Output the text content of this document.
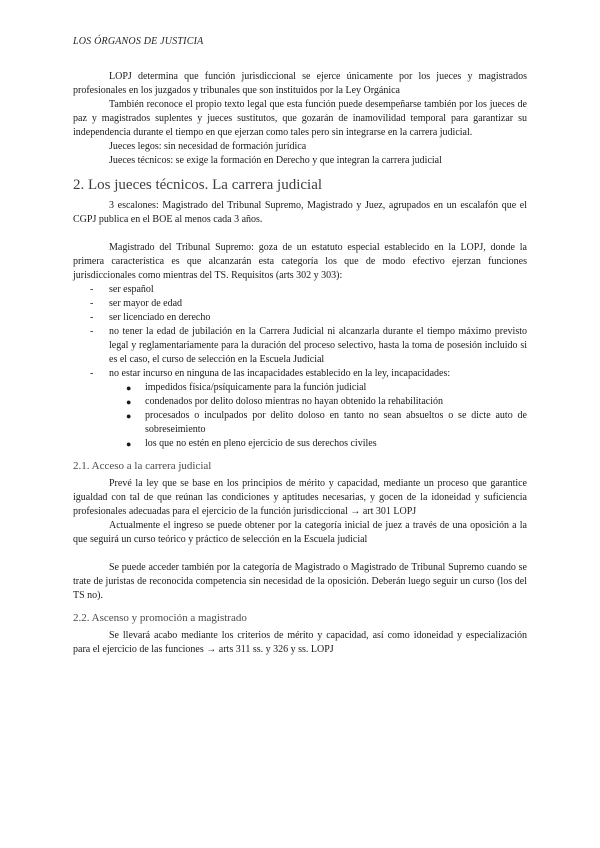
LOS ÓRGANOS DE JUSTICIA

LOPJ determina que función jurisdiccional se ejerce únicamente por los jueces y magistrados profesionales en los juzgados y tribunales que son instituidos por la Ley Orgánica

También reconoce el propio texto legal que esta función puede desempeñarse también por los jueces de paz y magistrados suplentes y jueces sustitutos, que gozarán de inamovilidad temporal para garantizar su independencia durante el tiempo en que ejerzan como tales pero sin integrarse en la carrera judicial.

Jueces legos: sin necesidad de formación jurídica

Jueces técnicos: se exige la formación en Derecho y que integran la carrera judicial

2. Los jueces técnicos. La carrera judicial

3 escalones: Magistrado del Tribunal Supremo, Magistrado y Juez, agrupados en un escalafón que el CGPJ publica en el BOE al menos cada 3 años.

Magistrado del Tribunal Supremo: goza de un estatuto especial establecido en la LOPJ, donde la primera característica es que alcanzarán esta categoría los que de modo efectivo ejerzan funciones jurisdiccionales como mientras del TS. Requisitos (arts 302 y 303):

- ser español
- ser mayor de edad
- ser licenciado en derecho
- no tener la edad de jubilación en la Carrera Judicial ni alcanzarla durante el tiempo máximo previsto legal y reglamentariamente para la duración del proceso selectivo, hasta la toma de posesión incluido si es el caso, el curso de selección en la Escuela Judicial
- no estar incurso en ninguna de las incapacidades establecido en la ley, incapacidades:
● impedidos física/psíquicamente para la función judicial
● condenados por delito doloso mientras no hayan obtenido la rehabilitación
● procesados o inculpados por delito doloso en tanto no sean absueltos o se dicte auto de sobreseimiento
● los que no estén en pleno ejercicio de sus derechos civiles
2.1. Acceso a la carrera judicial

Prevé la ley que se base en los principios de mérito y capacidad, mediante un proceso que garantice igualdad con tal de que reúnan las condiciones y aptitudes necesarias, y gocen de la idoneidad y suficiencia profesionales adecuadas para el ejercicio de la función jurisdiccional → art 301 LOPJ

Actualmente el ingreso se puede obtener por la categoría inicial de juez a través de una oposición a la que seguirá un curso teórico y práctico de selección en la Escuela judicial

Se puede acceder también por la categoría de Magistrado o Magistrado de Tribunal Supremo cuando se trate de juristas de reconocida competencia sin necesidad de la oposición. Deberán luego seguir un curso (los del TS no).

2.2. Ascenso y promoción a magistrado

Se llevará acabo mediante los criterios de mérito y capacidad, así como idoneidad y especialización para el ejercicio de las funciones → arts 311 ss. y 326 y ss. LOPJ
